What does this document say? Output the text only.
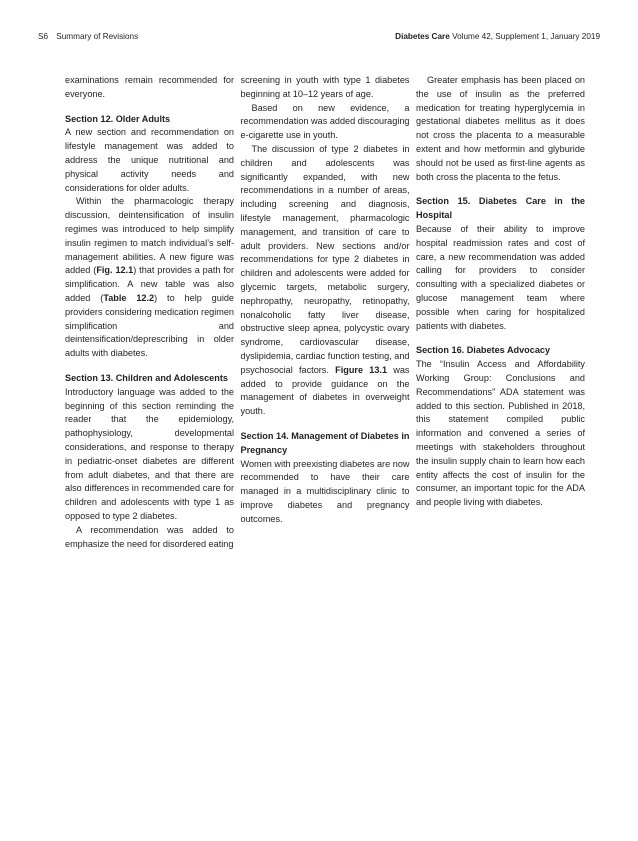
S6 Summary of Revisions	Diabetes Care Volume 42, Supplement 1, January 2019

examinations remain recommended for everyone.

Section 12. Older Adults

A new section and recommendation on lifestyle management was added to address the unique nutritional and physical activity needs and considerations for older adults.

Within the pharmacologic therapy discussion, deintensification of insulin regimes was introduced to help simplify insulin regimen to match individual’s self-management abilities. A new figure was added (Fig. 12.1) that provides a path for simplification. A new table was also added (Table 12.2) to help guide providers considering medication regimen simplification and deintensification/deprescribing in older adults with diabetes.

Section 13. Children and Adolescents

Introductory language was added to the beginning of this section reminding the reader that the epidemiology, pathophysiology, developmental considerations, and response to therapy in pediatric-onset diabetes are different from adult diabetes, and that there are also differences in recommended care for children and adolescents with type 1 as opposed to type 2 diabetes.

A recommendation was added to emphasize the need for disordered eating

screening in youth with type 1 diabetes beginning at 10–12 years of age.

Based on new evidence, a recommendation was added discouraging e-cigarette use in youth.

The discussion of type 2 diabetes in children and adolescents was significantly expanded, with new recommendations in a number of areas, including screening and diagnosis, lifestyle management, pharmacologic management, and transition of care to adult providers. New sections and/or recommendations for type 2 diabetes in children and adolescents were added for glycemic targets, metabolic surgery, nephropathy, neuropathy, retinopathy, nonalcoholic fatty liver disease, obstructive sleep apnea, polycystic ovary syndrome, cardiovascular disease, dyslipidemia, cardiac function testing, and psychosocial factors. Figure 13.1 was added to provide guidance on the management of diabetes in overweight youth.

Section 14. Management of Diabetes in Pregnancy

Women with preexisting diabetes are now recommended to have their care managed in a multidisciplinary clinic to improve diabetes and pregnancy outcomes.

Greater emphasis has been placed on the use of insulin as the preferred medication for treating hyperglycemia in gestational diabetes mellitus as it does not cross the placenta to a measurable extent and how metformin and glyburide should not be used as first-line agents as both cross the placenta to the fetus.

Section 15. Diabetes Care in the Hospital

Because of their ability to improve hospital readmission rates and cost of care, a new recommendation was added calling for providers to consider consulting with a specialized diabetes or glucose management team where possible when caring for hospitalized patients with diabetes.

Section 16. Diabetes Advocacy

The “Insulin Access and Affordability Working Group: Conclusions and Recommendations” ADA statement was added to this section. Published in 2018, this statement compiled public information and convened a series of meetings with stakeholders throughout the insulin supply chain to learn how each entity affects the cost of insulin for the consumer, an important topic for the ADA and people living with diabetes.
